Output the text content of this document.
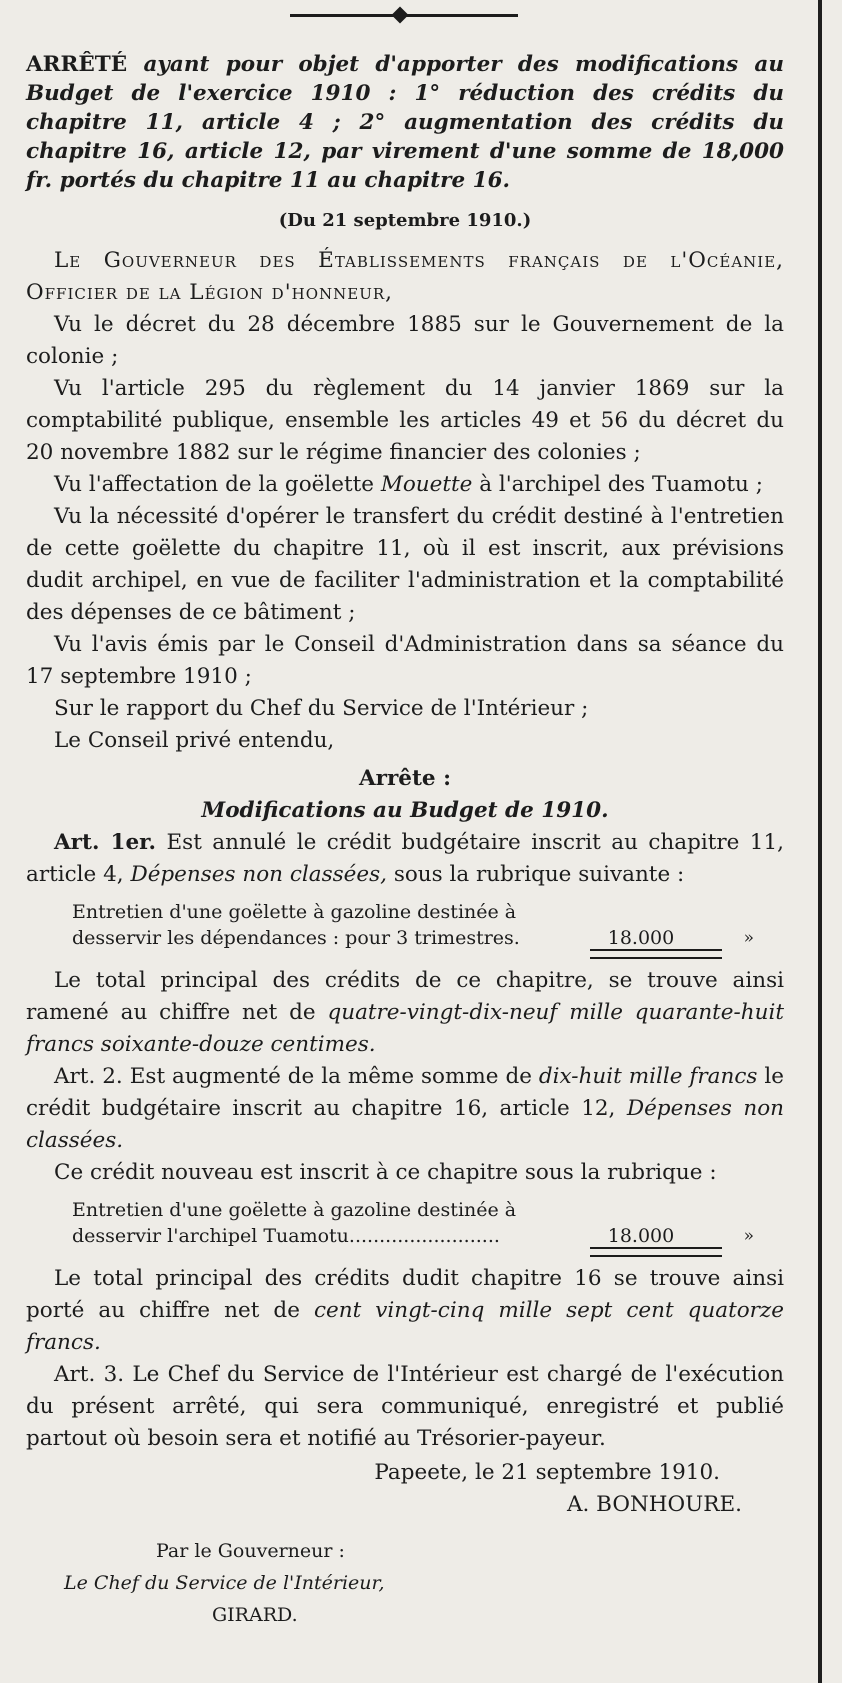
ARRÊTÉ ayant pour objet d'apporter des modifications au Budget de l'exercice 1910 : 1° réduction des crédits du chapitre 11, article 4 ; 2° augmentation des crédits du chapitre 16, article 12, par virement d'une somme de 18,000 fr. portés du chapitre 11 au chapitre 16.

(Du 21 septembre 1910.)

Le Gouverneur des Établissements français de l'Océanie, Officier de la Légion d'honneur,

Vu le décret du 28 décembre 1885 sur le Gouvernement de la colonie ;

Vu l'article 295 du règlement du 14 janvier 1869 sur la comptabilité publique, ensemble les articles 49 et 56 du décret du 20 novembre 1882 sur le régime financier des colonies ;

Vu l'affectation de la goëlette Mouette à l'archipel des Tuamotu ;

Vu la nécessité d'opérer le transfert du crédit destiné à l'entretien de cette goëlette du chapitre 11, où il est inscrit, aux prévisions dudit archipel, en vue de faciliter l'administration et la comptabilité des dépenses de ce bâtiment ;

Vu l'avis émis par le Conseil d'Administration dans sa séance du 17 septembre 1910 ;

Sur le rapport du Chef du Service de l'Intérieur ;

Le Conseil privé entendu,

Arrête :
Modifications au Budget de 1910.

Art. 1er. Est annulé le crédit budgétaire inscrit au chapitre 11, article 4, Dépenses non classées, sous la rubrique suivante :

Entretien d'une goëlette à gazoline destinée à desservir les dépendances : pour 3 trimestres.	18.000	»

Le total principal des crédits de ce chapitre, se trouve ainsi ramené au chiffre net de quatre-vingt-dix-neuf mille quarante-huit francs soixante-douze centimes.

Art. 2. Est augmenté de la même somme de dix-huit mille francs le crédit budgétaire inscrit au chapitre 16, article 12, Dépenses non classées.

Ce crédit nouveau est inscrit à ce chapitre sous la rubrique :

Entretien d'une goëlette à gazoline destinée à desservir l'archipel Tuamotu.........................	18.000	»

Le total principal des crédits dudit chapitre 16 se trouve ainsi porté au chiffre net de cent vingt-cinq mille sept cent quatorze francs.

Art. 3. Le Chef du Service de l'Intérieur est chargé de l'exécution du présent arrêté, qui sera communiqué, enregistré et publié partout où besoin sera et notifié au Trésorier-payeur.

Papeete, le 21 septembre 1910.
A. BONHOURE.
Par le Gouverneur :
Le Chef du Service de l'Intérieur,
GIRARD.
